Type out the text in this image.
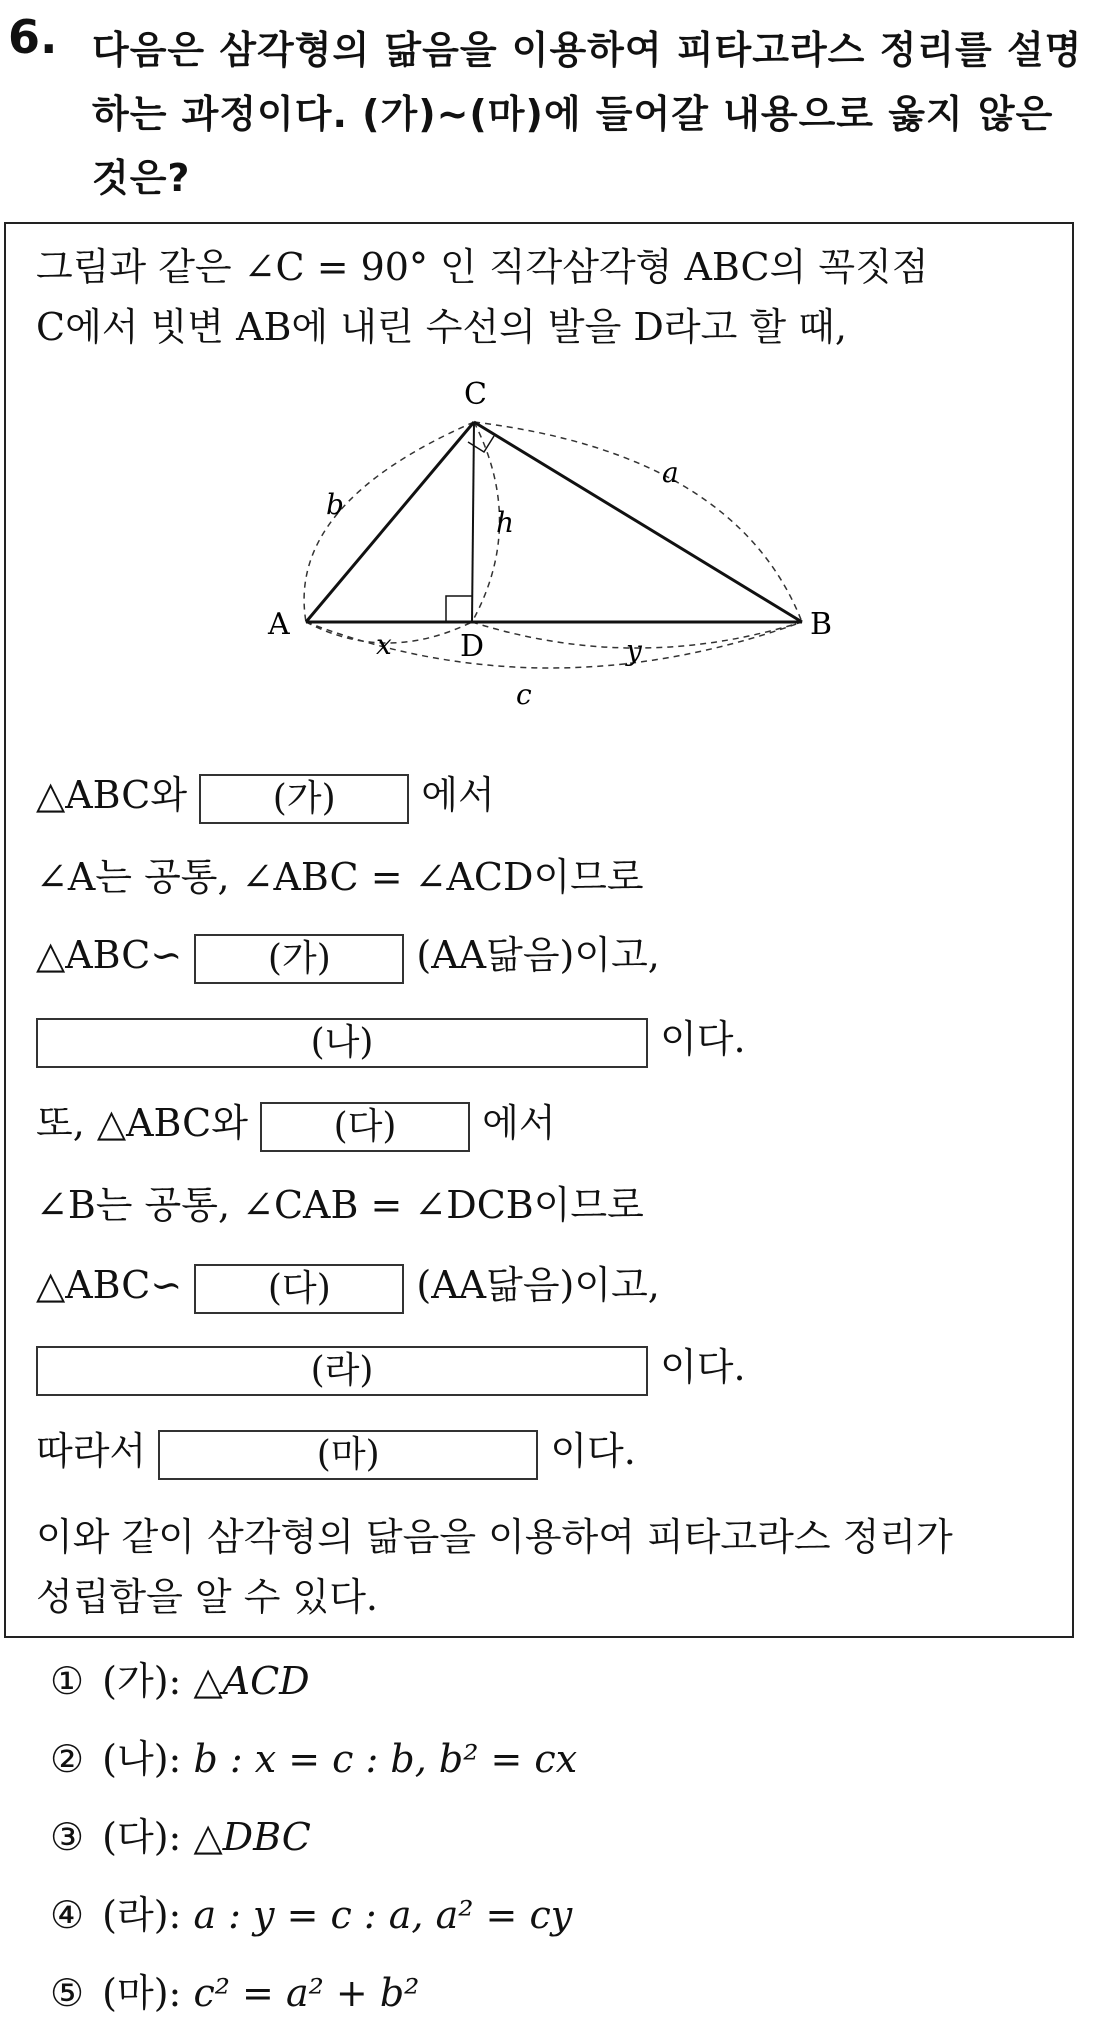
6. 다음은 삼각형의 닮음을 이용하여 피타고라스 정리를 설명하는 과정이다. (가)~(마)에 들어갈 내용으로 옳지 않은 것은?
그림과 같은 ∠C = 90° 인 직각삼각형 ABC의 꼭짓점
C에서 빗변 AB에 내린 수선의 발을 D라고 할 때,
C
A	B
D
a
b
h
x	y
c
△ABC와 (가) 에서
∠A는 공통, ∠ABC = ∠ACD이므로
△ABC∽ (가) (AA닮음)이고,
(나)	이다.
또, △ABC와 (다) 에서
∠B는 공통, ∠CAB = ∠DCB이므로
△ABC∽ (다) (AA닮음)이고,
(라)	이다.
따라서	(마)	이다.
이와 같이 삼각형의 닮음을 이용하여 피타고라스 정리가
성립함을 알 수 있다.
① (가): △ACD
② (나): b : x = c : b, b² = cx
③ (다): △DBC
④ (라): a : y = c : a, a² = cy
⑤ (마): c² = a² + b²
